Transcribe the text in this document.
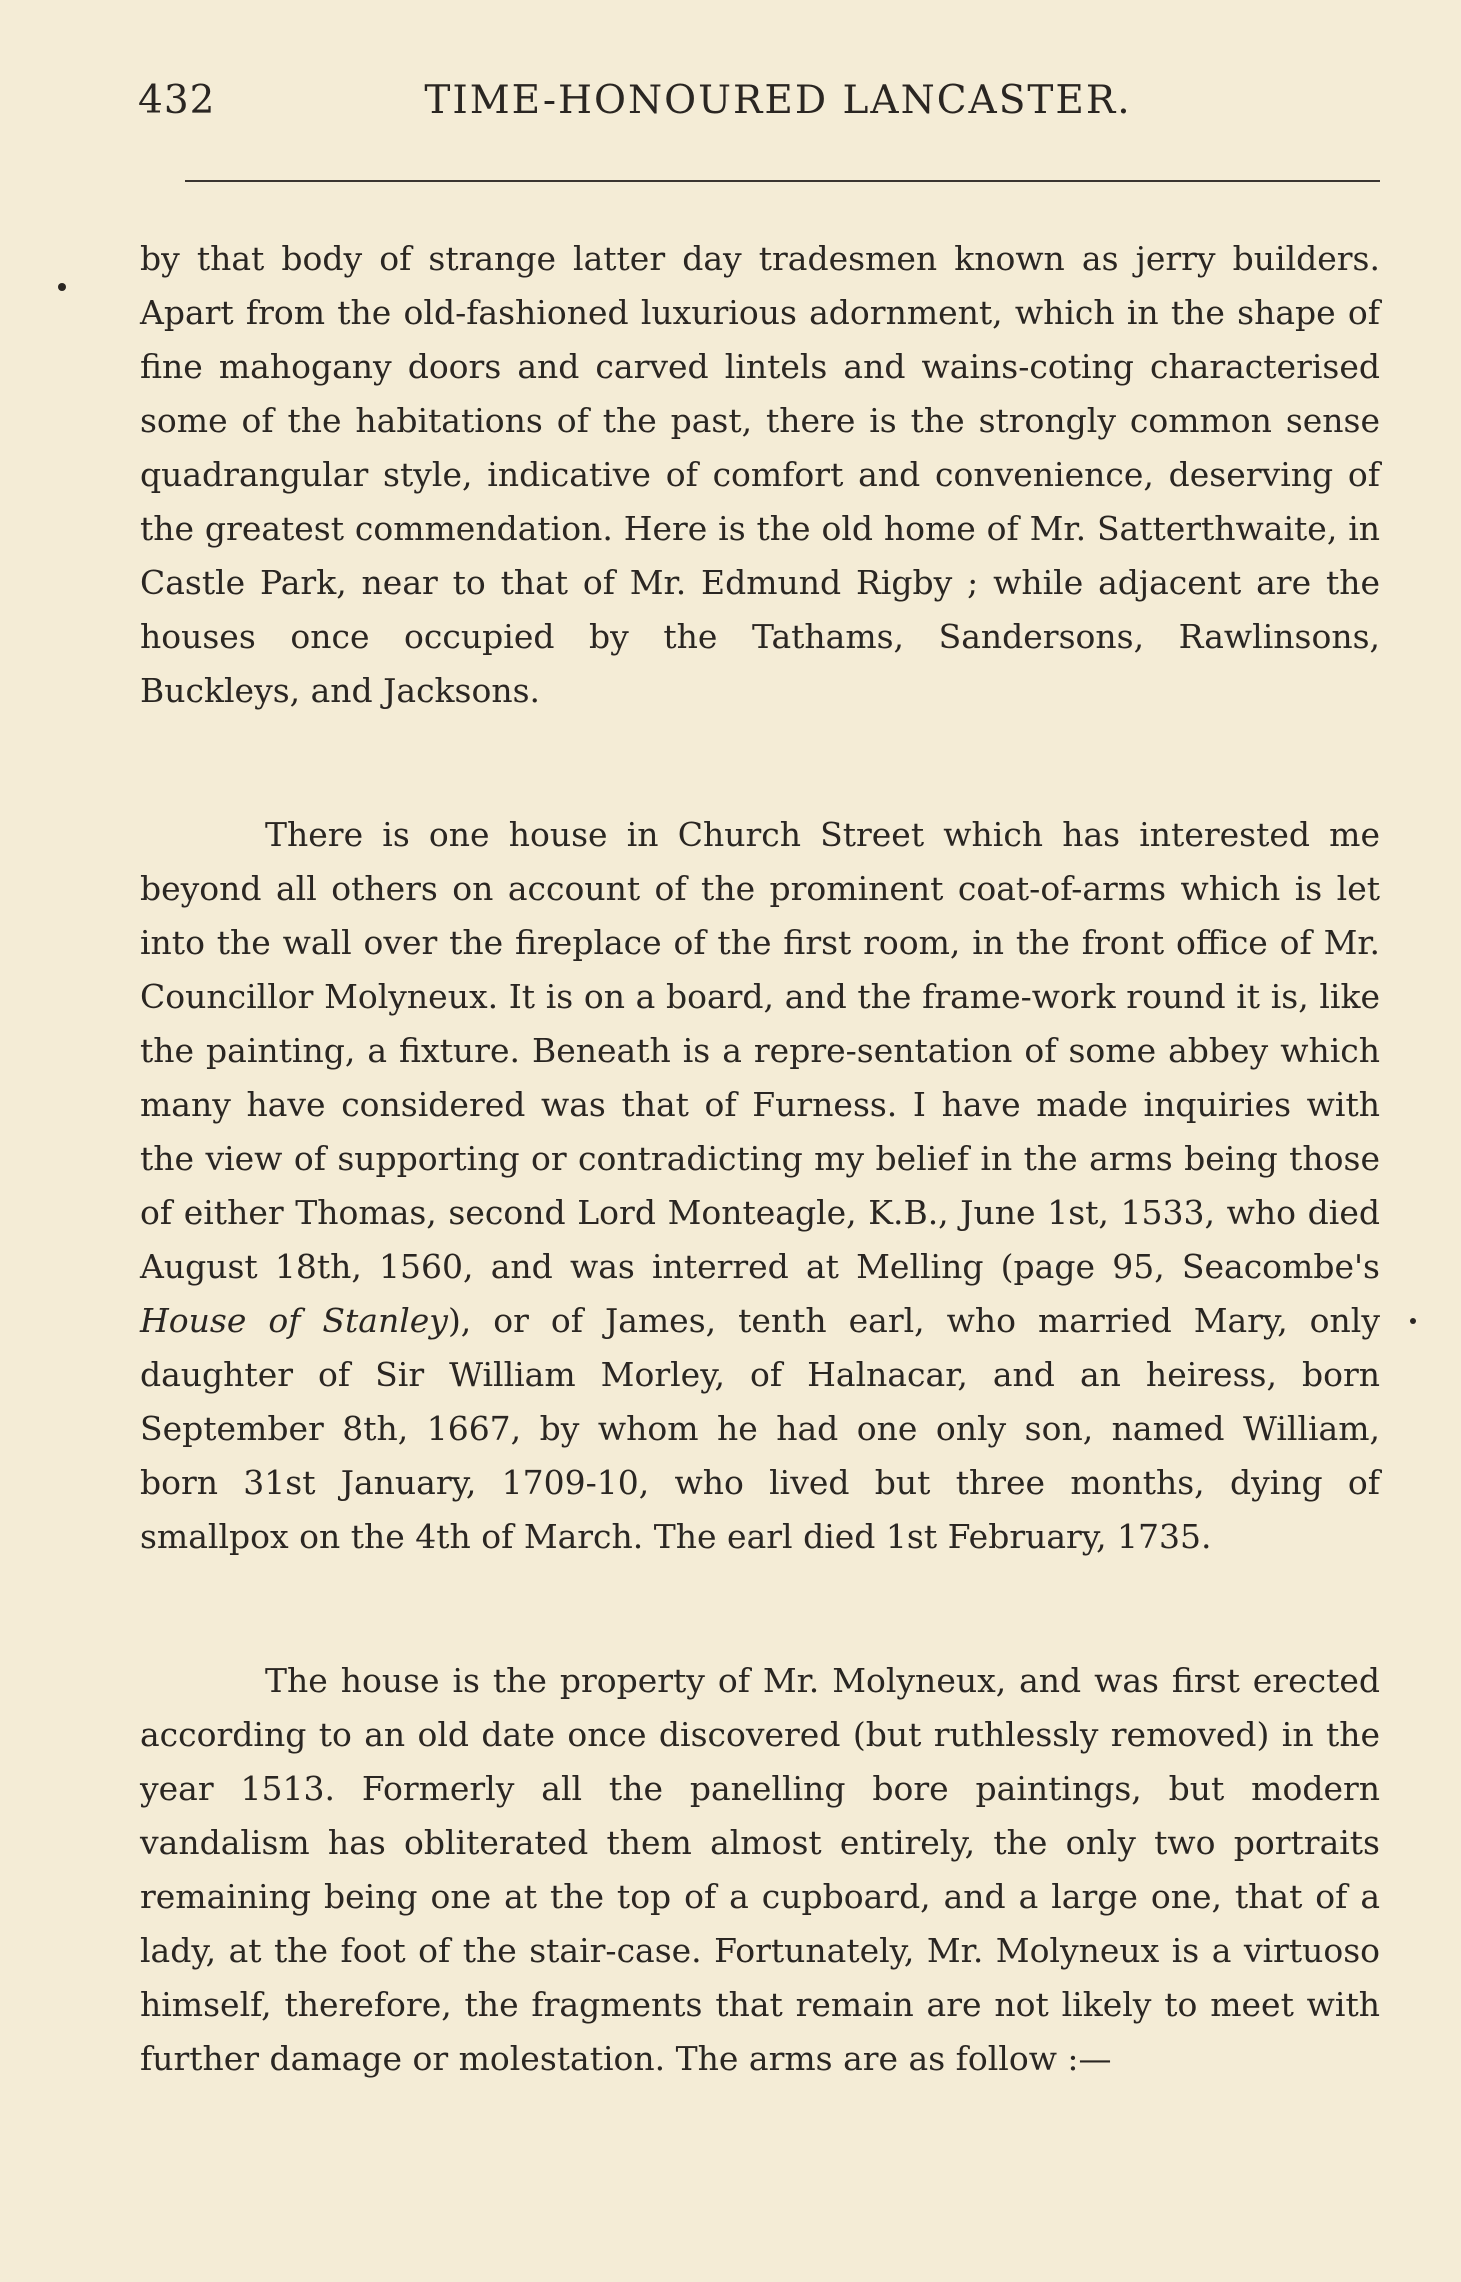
432	TIME-HONOURED LANCASTER.

by that body of strange latter day tradesmen known as jerry builders. Apart from the old-fashioned luxurious adornment, which in the shape of fine mahogany doors and carved lintels and wains-coting characterised some of the habitations of the past, there is the strongly common sense quadrangular style, indicative of comfort and convenience, deserving of the greatest commendation. Here is the old home of Mr. Satterthwaite, in Castle Park, near to that of Mr. Edmund Rigby ; while adjacent are the houses once occupied by the Tathams, Sandersons, Rawlinsons, Buckleys, and Jacksons.

There is one house in Church Street which has interested me beyond all others on account of the prominent coat-of-arms which is let into the wall over the fireplace of the first room, in the front office of Mr. Councillor Molyneux. It is on a board, and the frame-work round it is, like the painting, a fixture. Beneath is a repre-sentation of some abbey which many have considered was that of Furness. I have made inquiries with the view of supporting or contradicting my belief in the arms being those of either Thomas, second Lord Monteagle, K.B., June 1st, 1533, who died August 18th, 1560, and was interred at Melling (page 95, Seacombe's House of Stanley), or of James, tenth earl, who married Mary, only daughter of Sir William Morley, of Halnacar, and an heiress, born September 8th, 1667, by whom he had one only son, named William, born 31st January, 1709-10, who lived but three months, dying of smallpox on the 4th of March. The earl died 1st February, 1735.

The house is the property of Mr. Molyneux, and was first erected according to an old date once discovered (but ruthlessly removed) in the year 1513. Formerly all the panelling bore paintings, but modern vandalism has obliterated them almost entirely, the only two portraits remaining being one at the top of a cupboard, and a large one, that of a lady, at the foot of the stair-case. Fortunately, Mr. Molyneux is a virtuoso himself, therefore, the fragments that remain are not likely to meet with further damage or molestation. The arms are as follow :—
